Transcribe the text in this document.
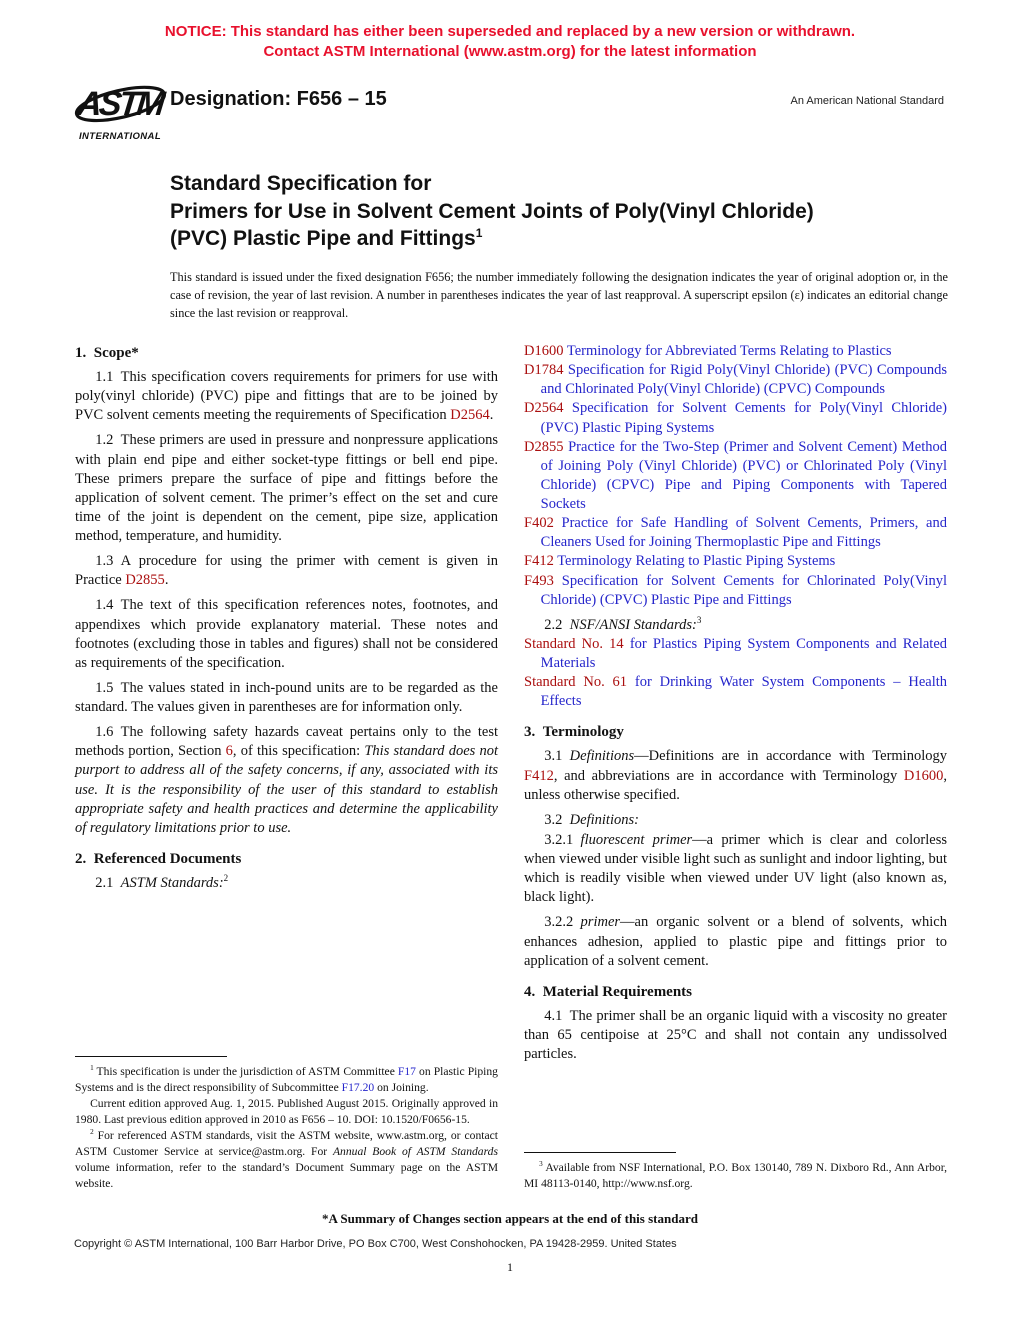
NOTICE: This standard has either been superseded and replaced by a new version or withdrawn.
Contact ASTM International (www.astm.org) for the latest information
ASTM
INTERNATIONAL
Designation: F656 – 15	An American National Standard
Standard Specification for
Primers for Use in Solvent Cement Joints of Poly(Vinyl Chloride) (PVC) Plastic Pipe and Fittings$^1$

This standard is issued under the fixed designation F656; the number immediately following the designation indicates the year of original adoption or, in the case of revision, the year of last revision. A number in parentheses indicates the year of last reapproval. A superscript epsilon (ε) indicates an editorial change since the last revision or reapproval.

1. Scope*

1.1 This specification covers requirements for primers for use with poly(vinyl chloride) (PVC) pipe and fittings that are to be joined by PVC solvent cements meeting the requirements of Specification D2564.

1.2 These primers are used in pressure and nonpressure applications with plain end pipe and either socket-type fittings or bell end pipe. These primers prepare the surface of pipe and fittings before the application of solvent cement. The primer’s effect on the set and cure time of the joint is dependent on the cement, pipe size, application method, temperature, and humidity.

1.3 A procedure for using the primer with cement is given in Practice D2855.

1.4 The text of this specification references notes, footnotes, and appendixes which provide explanatory material. These notes and footnotes (excluding those in tables and figures) shall not be considered as requirements of the specification.

1.5 The values stated in inch-pound units are to be regarded as the standard. The values given in parentheses are for information only.

1.6 The following safety hazards caveat pertains only to the test methods portion, Section 6, of this specification: This standard does not purport to address all of the safety concerns, if any, associated with its use. It is the responsibility of the user of this standard to establish appropriate safety and health practices and determine the applicability of regulatory limitations prior to use.

2. Referenced Documents

2.1 ASTM Standards:$^2$

$^1$ This specification is under the jurisdiction of ASTM Committee F17 on Plastic Piping Systems and is the direct responsibility of Subcommittee F17.20 on Joining.

Current edition approved Aug. 1, 2015. Published August 2015. Originally approved in 1980. Last previous edition approved in 2010 as F656 – 10. DOI: 10.1520/F0656-15.

$^2$ For referenced ASTM standards, visit the ASTM website, www.astm.org, or contact ASTM Customer Service at service@astm.org. For Annual Book of ASTM Standards volume information, refer to the standard’s Document Summary page on the ASTM website.

D1600 Terminology for Abbreviated Terms Relating to Plastics

D1784 Specification for Rigid Poly(Vinyl Chloride) (PVC) Compounds and Chlorinated Poly(Vinyl Chloride) (CPVC) Compounds

D2564 Specification for Solvent Cements for Poly(Vinyl Chloride) (PVC) Plastic Piping Systems

D2855 Practice for the Two-Step (Primer and Solvent Cement) Method of Joining Poly (Vinyl Chloride) (PVC) or Chlorinated Poly (Vinyl Chloride) (CPVC) Pipe and Piping Components with Tapered Sockets

F402 Practice for Safe Handling of Solvent Cements, Primers, and Cleaners Used for Joining Thermoplastic Pipe and Fittings

F412 Terminology Relating to Plastic Piping Systems

F493 Specification for Solvent Cements for Chlorinated Poly(Vinyl Chloride) (CPVC) Plastic Pipe and Fittings

2.2 NSF/ANSI Standards:$^3$

Standard No. 14 for Plastics Piping System Components and Related Materials

Standard No. 61 for Drinking Water System Components – Health Effects

3. Terminology

3.1 Definitions—Definitions are in accordance with Terminology F412, and abbreviations are in accordance with Terminology D1600, unless otherwise specified.

3.2 Definitions:

3.2.1 fluorescent primer—a primer which is clear and colorless when viewed under visible light such as sunlight and indoor lighting, but which is readily visible when viewed under UV light (also known as, black light).

3.2.2 primer—an organic solvent or a blend of solvents, which enhances adhesion, applied to plastic pipe and fittings prior to application of a solvent cement.

4. Material Requirements

4.1 The primer shall be an organic liquid with a viscosity no greater than 65 centipoise at 25°C and shall not contain any undissolved particles.

$^3$ Available from NSF International, P.O. Box 130140, 789 N. Dixboro Rd., Ann Arbor, MI 48113-0140, http://www.nsf.org.

*A Summary of Changes section appears at the end of this standard
Copyright © ASTM International, 100 Barr Harbor Drive, PO Box C700, West Conshohocken, PA 19428-2959. United States
1
